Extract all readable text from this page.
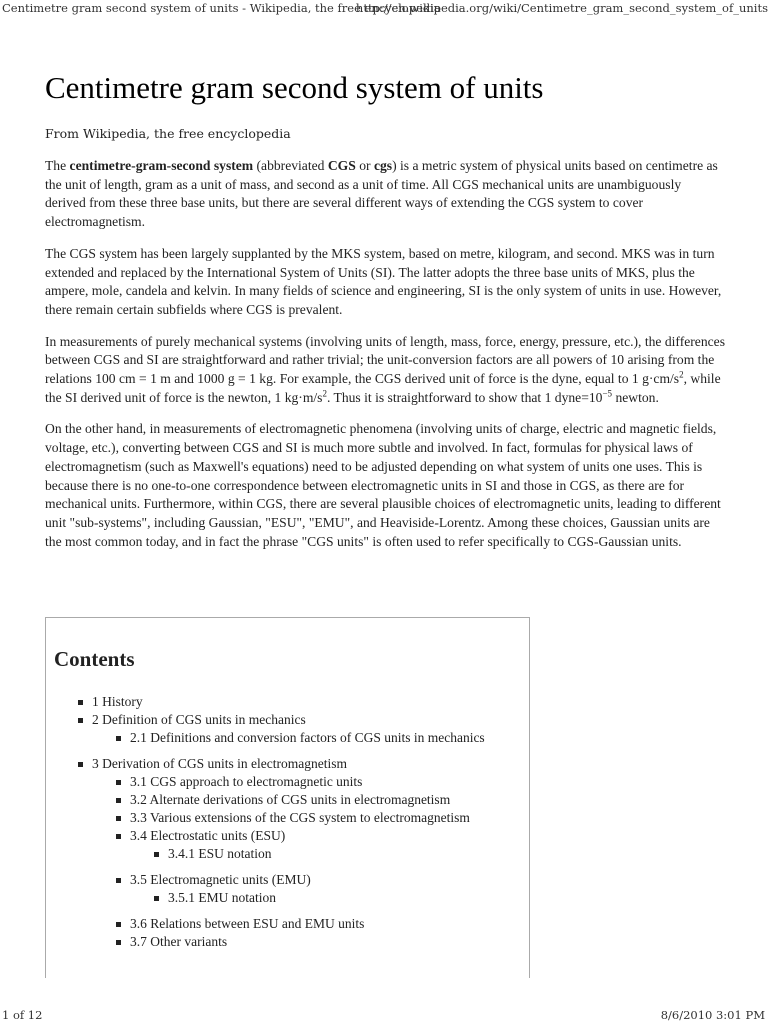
Centimetre gram second system of units - Wikipedia, the free encyclopedia
http://en.wikipedia.org/wiki/Centimetre_gram_second_system_of_units
Centimetre gram second system of units
From Wikipedia, the free encyclopedia

The centimetre-gram-second system (abbreviated CGS or cgs) is a metric system of physical units based on centimetre as the unit of length, gram as a unit of mass, and second as a unit of time. All CGS mechanical units are unambiguously derived from these three base units, but there are several different ways of extending the CGS system to cover electromagnetism.

The CGS system has been largely supplanted by the MKS system, based on metre, kilogram, and second. MKS was in turn extended and replaced by the International System of Units (SI). The latter adopts the three base units of MKS, plus the ampere, mole, candela and kelvin. In many fields of science and engineering, SI is the only system of units in use. However, there remain certain subfields where CGS is prevalent.

In measurements of purely mechanical systems (involving units of length, mass, force, energy, pressure, etc.), the differences between CGS and SI are straightforward and rather trivial; the unit-conversion factors are all powers of 10 arising from the relations 100 cm = 1 m and 1000 g = 1 kg. For example, the CGS derived unit of force is the dyne, equal to 1 $g\cdot cm/s^2$, while the SI derived unit of force is the newton, 1 $kg\cdot m/s^2$. Thus it is straightforward to show that 1 $dyne=10^{-5}$ newton.

On the other hand, in measurements of electromagnetic phenomena (involving units of charge, electric and magnetic fields, voltage, etc.), converting between CGS and SI is much more subtle and involved. In fact, formulas for physical laws of electromagnetism (such as Maxwell's equations) need to be adjusted depending on what system of units one uses. This is because there is no one-to-one correspondence between electromagnetic units in SI and those in CGS, as there are for mechanical units. Furthermore, within CGS, there are several plausible choices of electromagnetic units, leading to different unit "sub-systems", including Gaussian, "ESU", "EMU", and Heaviside-Lorentz. Among these choices, Gaussian units are the most common today, and in fact the phrase "CGS units" is often used to refer specifically to CGS-Gaussian units.

Contents
1 History
2 Definition of CGS units in mechanics
2.1 Definitions and conversion factors of CGS units in mechanics
3 Derivation of CGS units in electromagnetism
3.1 CGS approach to electromagnetic units
3.2 Alternate derivations of CGS units in electromagnetism
3.3 Various extensions of the CGS system to electromagnetism
3.4 Electrostatic units (ESU)
3.4.1 ESU notation
3.5 Electromagnetic units (EMU)
3.5.1 EMU notation
3.6 Relations between ESU and EMU units
3.7 Other variants
1 of 12	8/6/2010 3:01 PM
